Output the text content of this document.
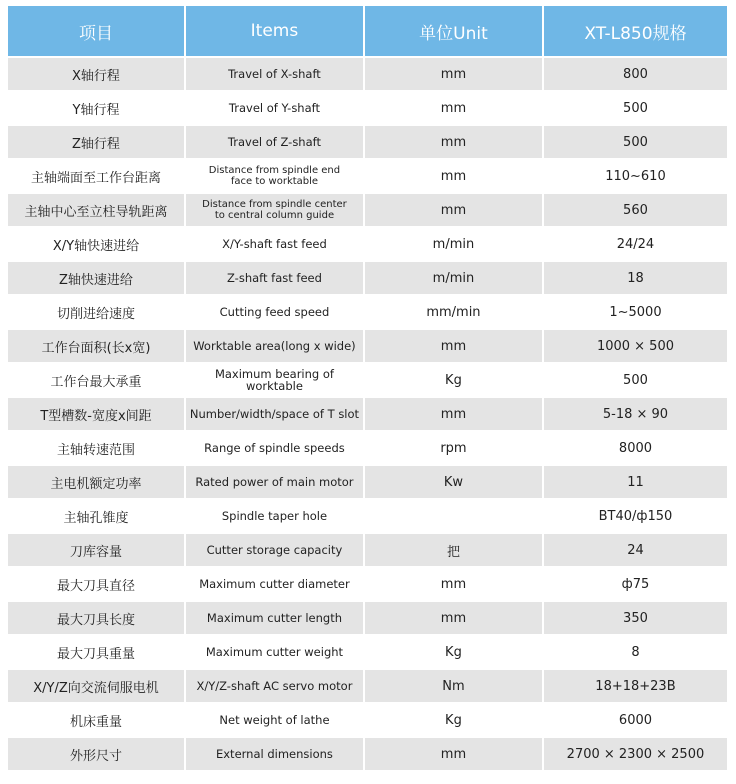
项目	Items	单位Unit	XT-L850规格
X轴行程	Travel of X-shaft	mm	800
Y轴行程	Travel of Y-shaft	mm	500
Z轴行程	Travel of Z-shaft	mm	500
主轴端面至工作台距离	Distance from spindle end
face to worktable	mm	110~610
主轴中心至立柱导轨距离	Distance from spindle center
to central column guide	mm	560
X/Y轴快速进给	X/Y-shaft fast feed	m/min	24/24
Z轴快速进给	Z-shaft fast feed	m/min	18
切削进给速度	Cutting feed speed	mm/min	1~5000
工作台面积(长x宽)	Worktable area(long x wide)	mm	1000 × 500
工作台最大承重	Maximum bearing of worktable	Kg	500
T型槽数-宽度x间距	Number/width/space of T slot	mm	5-18 × 90
主轴转速范围	Range of spindle speeds	rpm	8000
主电机额定功率	Rated power of main motor	Kw	11
主轴孔锥度	Spindle taper hole		BT40/ф150
刀库容量	Cutter storage capacity	把	24
最大刀具直径	Maximum cutter diameter	mm	ф75
最大刀具长度	Maximum cutter length	mm	350
最大刀具重量	Maximum cutter weight	Kg	8
X/Y/Z向交流伺服电机	X/Y/Z-shaft AC servo motor	Nm	18+18+23B
机床重量	Net weight of lathe	Kg	6000
外形尺寸	External dimensions	mm	2700 × 2300 × 2500
